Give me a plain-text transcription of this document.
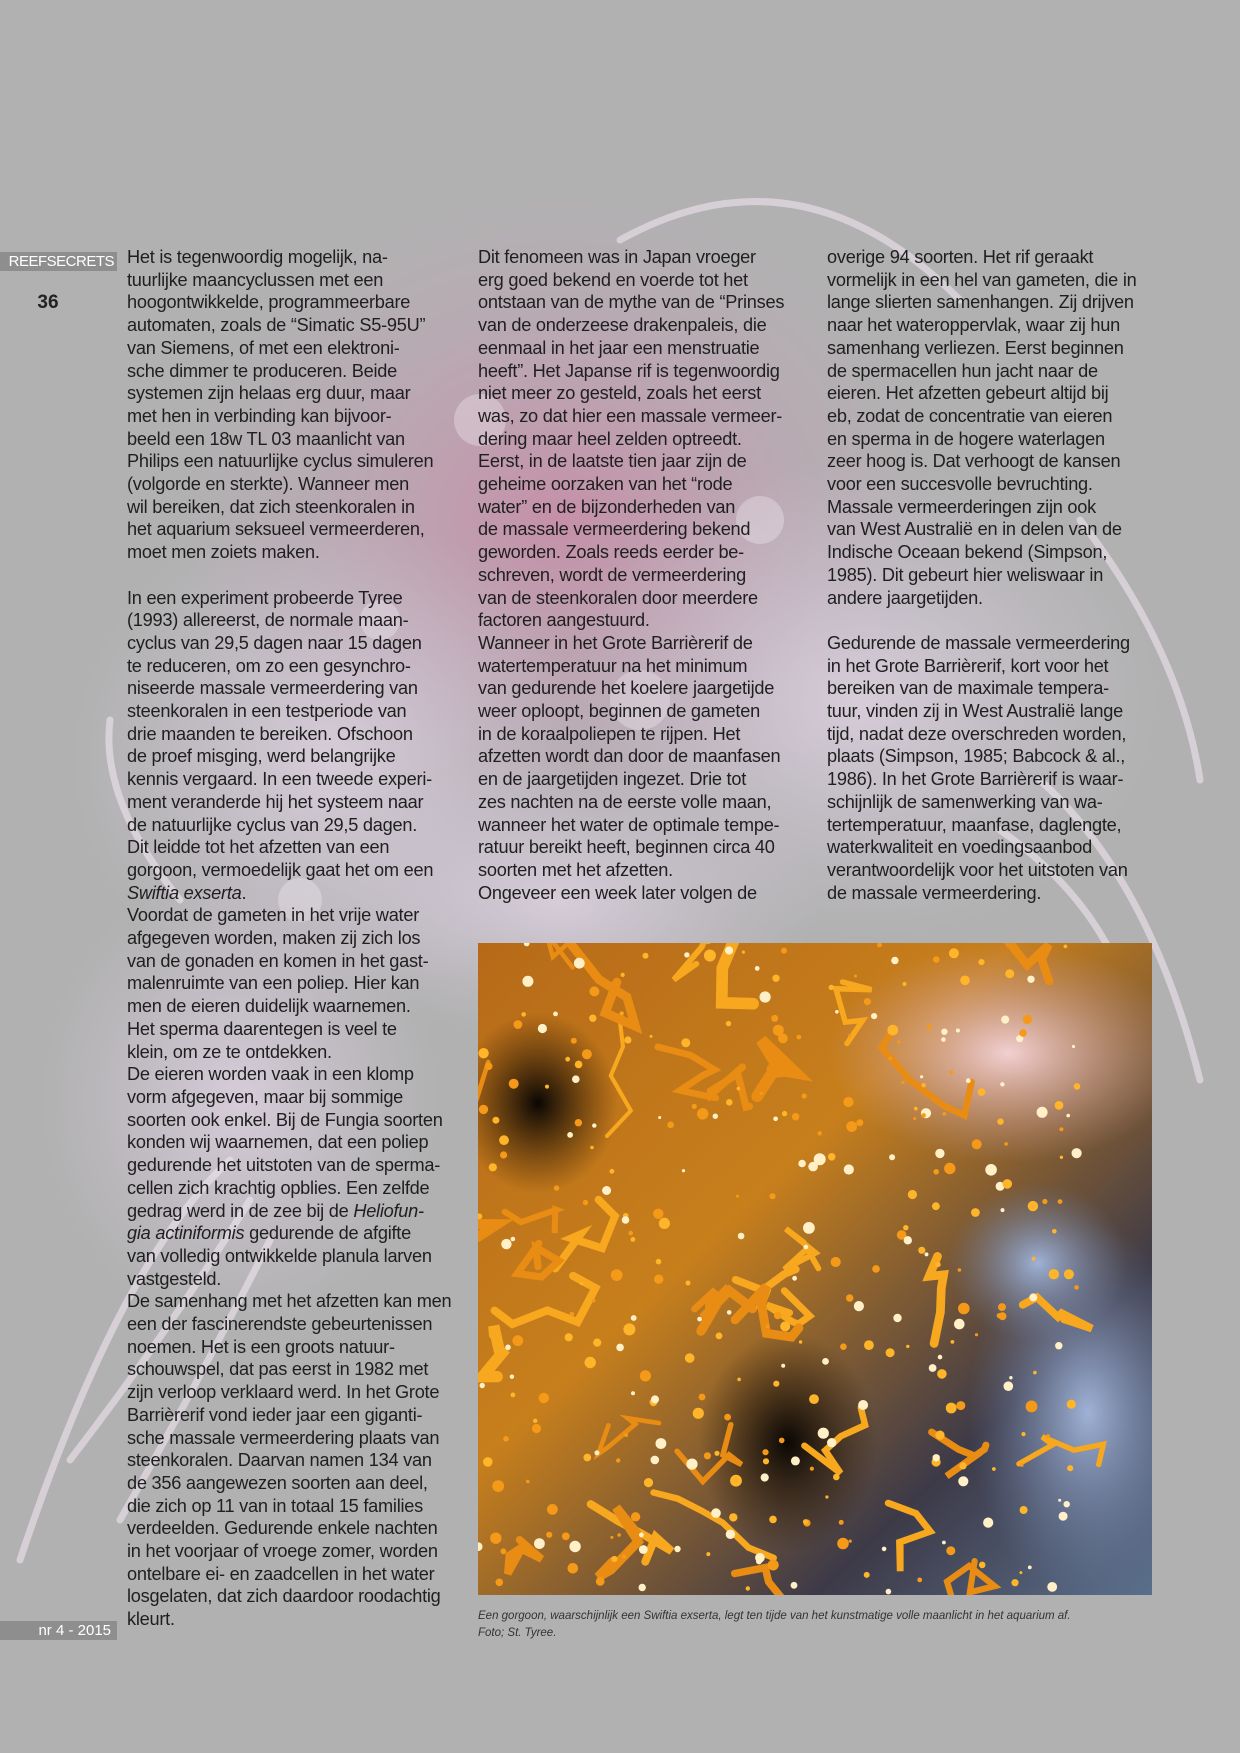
REEFSECRETS
36
nr 4 - 2015

Het is tegenwoordig mogelijk, na-

tuurlijke maancyclussen met een

hoogontwikkelde, programmeerbare

automaten, zoals de “Simatic S5-95U”

van Siemens, of met een elektroni-

sche dimmer te produceren. Beide

systemen zijn helaas erg duur, maar

met hen in verbinding kan bijvoor-

beeld een 18w TL 03 maanlicht van

Philips een natuurlijke cyclus simuleren

(volgorde en sterkte). Wanneer men

wil bereiken, dat zich steenkoralen in

het aquarium seksueel vermeerderen,

moet men zoiets maken.

In een experiment probeerde Tyree

(1993) allereerst, de normale maan-

cyclus van 29,5 dagen naar 15 dagen

te reduceren, om zo een gesynchro-

niseerde massale vermeerdering van

steenkoralen in een testperiode van

drie maanden te bereiken. Ofschoon

de proef misging, werd belangrijke

kennis vergaard. In een tweede experi-

ment veranderde hij het systeem naar

de natuurlijke cyclus van 29,5 dagen.

Dit leidde tot het afzetten van een

gorgoon, vermoedelijk gaat het om een

Swiftia exserta.

Voordat de gameten in het vrije water

afgegeven worden, maken zij zich los

van de gonaden en komen in het gast-

malenruimte van een poliep. Hier kan

men de eieren duidelijk waarnemen.

Het sperma daarentegen is veel te

klein, om ze te ontdekken.

De eieren worden vaak in een klomp

vorm afgegeven, maar bij sommige

soorten ook enkel. Bij de Fungia soorten

konden wij waarnemen, dat een poliep

gedurende het uitstoten van de sperma-

cellen zich krachtig opblies. Een zelfde

gedrag werd in de zee bij de Heliofun-

gia actiniformis gedurende de afgifte

van volledig ontwikkelde planula larven

vastgesteld.

De samenhang met het afzetten kan men

een der fascinerendste gebeurtenissen

noemen. Het is een groots natuur-

schouwspel, dat pas eerst in 1982 met

zijn verloop verklaard werd. In het Grote

Barrièrerif vond ieder jaar een giganti-

sche massale vermeerdering plaats van

steenkoralen. Daarvan namen 134 van

de 356 aangewezen soorten aan deel,

die zich op 11 van in totaal 15 families

verdeelden. Gedurende enkele nachten

in het voorjaar of vroege zomer, worden

ontelbare ei- en zaadcellen in het water

losgelaten, dat zich daardoor roodachtig

kleurt.

Dit fenomeen was in Japan vroeger

erg goed bekend en voerde tot het

ontstaan van de mythe van de “Prinses

van de onderzeese drakenpaleis, die

eenmaal in het jaar een menstruatie

heeft”. Het Japanse rif is tegenwoordig

niet meer zo gesteld, zoals het eerst

was, zo dat hier een massale vermeer-

dering maar heel zelden optreedt.

Eerst, in de laatste tien jaar zijn de

geheime oorzaken van het “rode

water” en de bijzonderheden van

de massale vermeerdering bekend

geworden. Zoals reeds eerder be-

schreven, wordt de vermeerdering

van de steenkoralen door meerdere

factoren aangestuurd.

Wanneer in het Grote Barrièrerif de

watertemperatuur na het minimum

van gedurende het koelere jaargetijde

weer oploopt, beginnen de gameten

in de koraalpoliepen te rijpen. Het

afzetten wordt dan door de maanfasen

en de jaargetijden ingezet. Drie tot

zes nachten na de eerste volle maan,

wanneer het water de optimale tempe-

ratuur bereikt heeft, beginnen circa 40

soorten met het afzetten.

Ongeveer een week later volgen de

overige 94 soorten. Het rif geraakt

vormelijk in een hel van gameten, die in

lange slierten samenhangen. Zij drijven

naar het wateroppervlak, waar zij hun

samenhang verliezen. Eerst beginnen

de spermacellen hun jacht naar de

eieren. Het afzetten gebeurt altijd bij

eb, zodat de concentratie van eieren

en sperma in de hogere waterlagen

zeer hoog is. Dat verhoogt de kansen

voor een succesvolle bevruchting.

Massale vermeerderingen zijn ook

van West Australië en in delen van de

Indische Oceaan bekend (Simpson,

1985). Dit gebeurt hier weliswaar in

andere jaargetijden.

Gedurende de massale vermeerdering

in het Grote Barrièrerif, kort voor het

bereiken van de maximale tempera-

tuur, vinden zij in West Australië lange

tijd, nadat deze overschreden worden,

plaats (Simpson, 1985; Babcock & al.,

1986). In het Grote Barrièrerif is waar-

schijnlijk de samenwerking van wa-

tertemperatuur, maanfase, daglengte,

waterkwaliteit en voedingsaanbod

verantwoordelijk voor het uitstoten van

de massale vermeerdering.

Een gorgoon, waarschijnlijk een Swiftia exserta, legt ten tijde van het kunstmatige volle maanlicht in het aquarium af.
Foto; St. Tyree.
